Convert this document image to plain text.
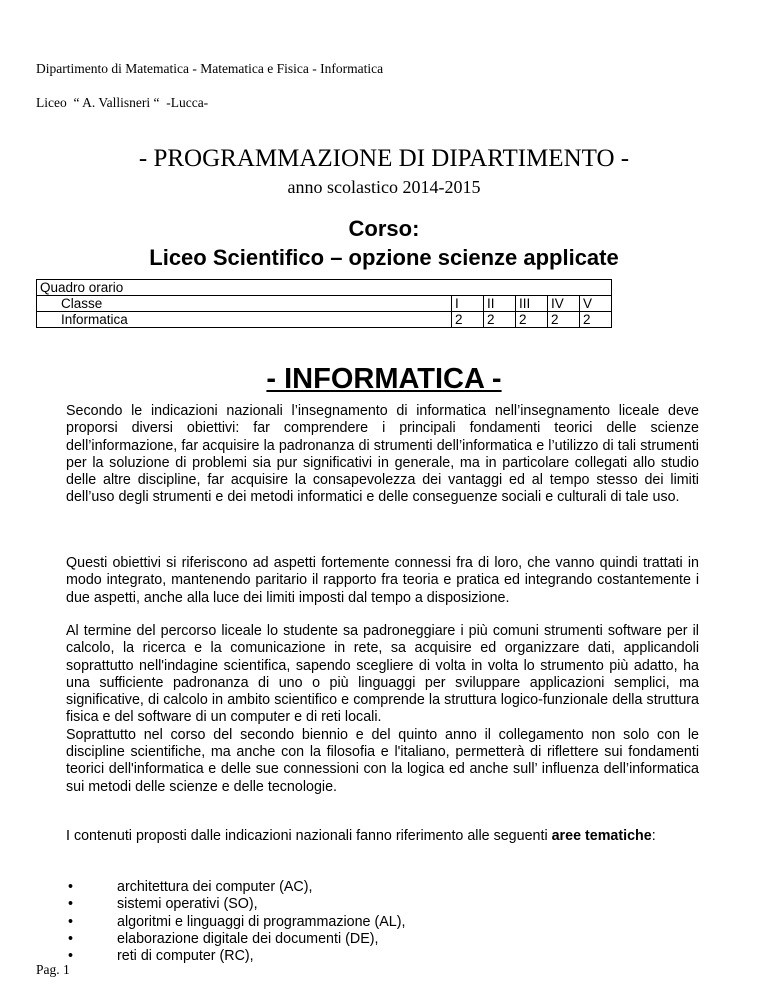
Dipartimento di Matematica - Matematica e Fisica - Informatica
Liceo  “ A. Vallisneri “  -Lucca-
- PROGRAMMAZIONE DI DIPARTIMENTO -
anno scolastico 2014-2015
Corso:
Liceo Scientifico – opzione scienze applicate
Quadro orario					
Classe	I	II	III	IV	V
Informatica	2	2	2	2	2
- INFORMATICA -
Secondo le indicazioni nazionali l’insegnamento di informatica nell’insegnamento liceale deve proporsi diversi obiettivi: far comprendere i principali fondamenti teorici delle scienze dell’informazione, far acquisire la padronanza di strumenti dell’informatica e l’utilizzo di tali strumenti per la soluzione di problemi sia pur significativi in generale, ma in particolare collegati allo studio delle altre discipline, far acquisire la consapevolezza dei vantaggi ed al tempo stesso dei limiti dell’uso degli strumenti e dei metodi informatici e delle conseguenze sociali e culturali di tale uso.
Questi obiettivi si riferiscono ad aspetti fortemente connessi fra di loro, che vanno quindi trattati in modo integrato, mantenendo paritario il rapporto fra teoria e pratica ed integrando costantemente i due aspetti, anche alla luce dei limiti imposti dal tempo a disposizione.
Al termine del percorso liceale lo studente sa padroneggiare i più comuni strumenti software per il calcolo, la ricerca e la comunicazione in rete, sa acquisire ed organizzare dati, applicandoli soprattutto nell'indagine scientifica, sapendo scegliere di volta in volta lo strumento più adatto, ha una sufficiente padronanza di uno o più linguaggi per sviluppare applicazioni semplici, ma significative, di calcolo in ambito scientifico e comprende la struttura logico-funzionale della struttura fisica e del software di un computer e di reti locali.
Soprattutto nel corso del secondo biennio e del quinto anno il collegamento non solo con le discipline scientifiche, ma anche con la filosofia e l'italiano, permetterà di riflettere sui fondamenti teorici dell'informatica e delle sue connessioni con la logica ed anche sull’ influenza dell’informatica sui metodi delle scienze e delle tecnologie.
I contenuti proposti dalle indicazioni nazionali fanno riferimento alle seguenti aree tematiche:
•	architettura dei computer (AC),
•	sistemi operativi (SO),
•	algoritmi e linguaggi di programmazione (AL),
•	elaborazione digitale dei documenti (DE),
•	reti di computer (RC),
Pag. 1
